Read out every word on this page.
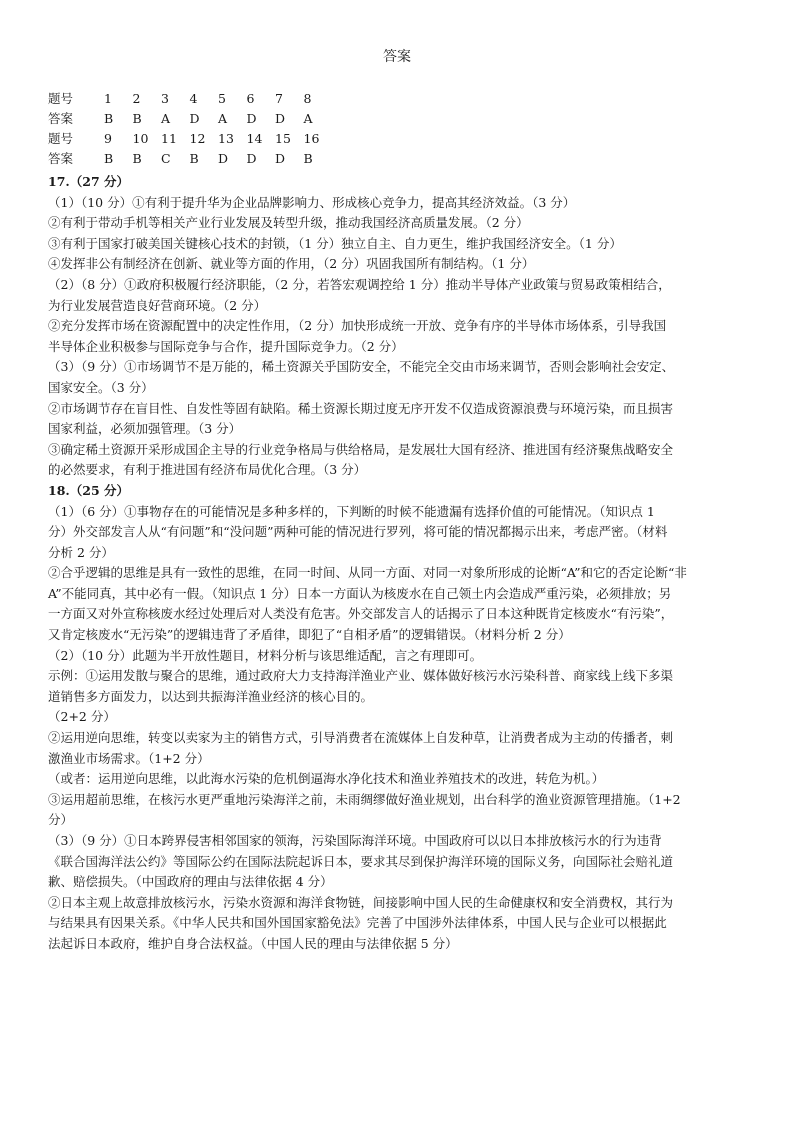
答案
题号	1	2	3	4	5	6	7	8
答案	B	B	A	D	A	D	D	A
题号	9	10	11	12	13	14	15	16
答案	B	B	C	B	D	D	D	B
17.（27 分）
（1）（10 分）①有利于提升华为企业品牌影响力、形成核心竞争力，提高其经济效益。（3 分）
②有利于带动手机等相关产业行业发展及转型升级，推动我国经济高质量发展。（2 分）
③有利于国家打破美国关键核心技术的封锁，（1 分）独立自主、自力更生，维护我国经济安全。（1 分）
④发挥非公有制经济在创新、就业等方面的作用，（2 分）巩固我国所有制结构。（1 分）
（2）（8 分）①政府积极履行经济职能，（2 分，若答宏观调控给 1 分）推动半导体产业政策与贸易政策相结合，
为行业发展营造良好营商环境。（2 分）
②充分发挥市场在资源配置中的决定性作用，（2 分）加快形成统一开放、竞争有序的半导体市场体系，引导我国
半导体企业积极参与国际竞争与合作，提升国际竞争力。（2 分）
（3）（9 分）①市场调节不是万能的，稀土资源关乎国防安全，不能完全交由市场来调节，否则会影响社会安定、
国家安全。（3 分）
②市场调节存在盲目性、自发性等固有缺陷。稀土资源长期过度无序开发不仅造成资源浪费与环境污染，而且损害
国家利益，必须加强管理。（3 分）
③确定稀土资源开采形成国企主导的行业竞争格局与供给格局，是发展壮大国有经济、推进国有经济聚焦战略安全
的必然要求，有利于推进国有经济布局优化合理。（3 分）
18.（25 分）
（1）（6 分）①事物存在的可能情况是多种多样的，下判断的时候不能遗漏有选择价值的可能情况。（知识点 1
分）外交部发言人从“有问题”和“没问题”两种可能的情况进行罗列，将可能的情况都揭示出来，考虑严密。（材料
分析 2 分）
②合乎逻辑的思维是具有一致性的思维，在同一时间、从同一方面、对同一对象所形成的论断“A”和它的否定论断“非
A”不能同真，其中必有一假。（知识点 1 分）日本一方面认为核废水在自己领土内会造成严重污染，必须排放；另
一方面又对外宣称核废水经过处理后对人类没有危害。外交部发言人的话揭示了日本这种既肯定核废水“有污染”，
又肯定核废水“无污染”的逻辑违背了矛盾律，即犯了“自相矛盾”的逻辑错误。（材料分析 2 分）
（2）（10 分）此题为半开放性题目，材料分析与该思维适配，言之有理即可。
示例：①运用发散与聚合的思维，通过政府大力支持海洋渔业产业、媒体做好核污水污染科普、商家线上线下多渠
道销售多方面发力，以达到共振海洋渔业经济的核心目的。
（2+2 分）
②运用逆向思维，转变以卖家为主的销售方式，引导消费者在流媒体上自发种草，让消费者成为主动的传播者，刺
激渔业市场需求。（1+2 分）
（或者：运用逆向思维，以此海水污染的危机倒逼海水净化技术和渔业养殖技术的改进，转危为机。）
③运用超前思维，在核污水更严重地污染海洋之前，未雨绸缪做好渔业规划，出台科学的渔业资源管理措施。（1+2
分）
（3）（9 分）①日本跨界侵害相邻国家的领海，污染国际海洋环境。中国政府可以以日本排放核污水的行为违背
《联合国海洋法公约》等国际公约在国际法院起诉日本，要求其尽到保护海洋环境的国际义务，向国际社会赔礼道
歉、赔偿损失。（中国政府的理由与法律依据 4 分）
②日本主观上故意排放核污水，污染水资源和海洋食物链，间接影响中国人民的生命健康权和安全消费权，其行为
与结果具有因果关系。《中华人民共和国外国国家豁免法》完善了中国涉外法律体系，中国人民与企业可以根据此
法起诉日本政府，维护自身合法权益。（中国人民的理由与法律依据 5 分）
